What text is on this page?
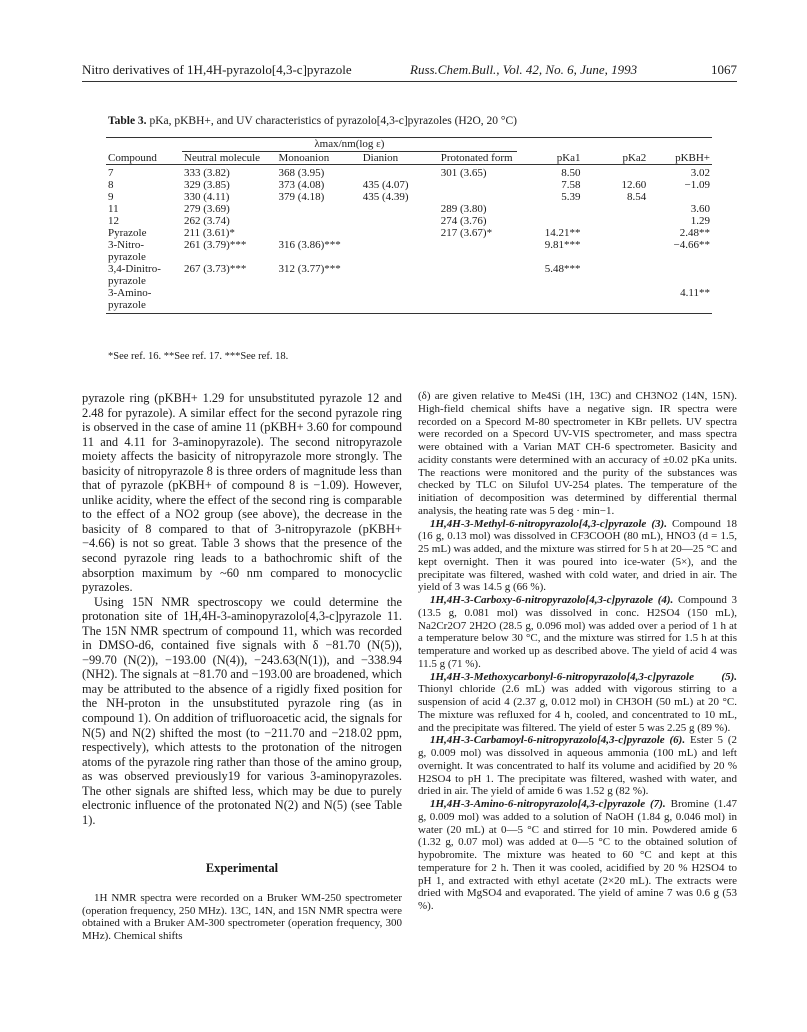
Nitro derivatives of 1H,4H-pyrazolo[4,3-c]pyrazole	Russ.Chem.Bull., Vol. 42, No. 6, June, 1993	1067
Table 3. pKa, pKBH+, and UV characteristics of pyrazolo[4,3-c]pyrazoles (H2O, 20 °C)
	λmax/nm(log ε)						
Compound	Neutral molecule	Monoanion	Dianion	Protonated form	pKa1	pKa2	pKBH+
7	333 (3.82)	368 (3.95)		301 (3.65)	8.50		3.02
8	329 (3.85)	373 (4.08)	435 (4.07)		7.58	12.60	−1.09
9	330 (4.11)	379 (4.18)	435 (4.39)		5.39	8.54	
11	279 (3.69)			289 (3.80)			3.60
12	262 (3.74)			274 (3.76)			1.29
Pyrazole	211 (3.61)*			217 (3.67)*	14.21**		2.48**
3-Nitro- pyrazole	261 (3.79)***	316 (3.86)***			9.81***		−4.66**
3,4-Dinitro- pyrazole	267 (3.73)***	312 (3.77)***			5.48***		
3-Amino- pyrazole							4.11**
*See ref. 16. **See ref. 17. ***See ref. 18.

pyrazole ring (pKBH+ 1.29 for unsubstituted pyrazole 12 and 2.48 for pyrazole). A similar effect for the second pyrazole ring is observed in the case of amine 11 (pKBH+ 3.60 for compound 11 and 4.11 for 3-aminopyrazole). The second nitropyrazole moiety affects the basicity of nitropyrazole more strongly. The basicity of nitropyrazole 8 is three orders of magnitude less than that of pyrazole (pKBH+ of compound 8 is −1.09). However, unlike acidity, where the effect of the second ring is comparable to the effect of a NO2 group (see above), the decrease in the basicity of 8 compared to that of 3-nitropyrazole (pKBH+ −4.66) is not so great. Table 3 shows that the presence of the second pyrazole ring leads to a bathochromic shift of the absorption maximum by ~60 nm compared to monocyclic pyrazoles.

Using 15N NMR spectroscopy we could determine the protonation site of 1H,4H-3-aminopyrazolo[4,3-c]pyrazole 11. The 15N NMR spectrum of compound 11, which was recorded in DMSO-d6, contained five signals with δ −81.70 (N(5)), −99.70 (N(2)), −193.00 (N(4)), −243.63(N(1)), and −338.94 (NH2). The signals at −81.70 and −193.00 are broadened, which may be attributed to the absence of a rigidly fixed position for the NH-proton in the unsubstituted pyrazole ring (as in compound 1). On addition of trifluoroacetic acid, the signals for N(5) and N(2) shifted the most (to −211.70 and −218.02 ppm, respectively), which attests to the protonation of the nitrogen atoms of the pyrazole ring rather than those of the amino group, as was observed previously19 for various 3-aminopyrazoles. The other signals are shifted less, which may be due to purely electronic influence of the protonated N(2) and N(5) (see Table 1).

Experimental

1H NMR spectra were recorded on a Bruker WM-250 spectrometer (operation frequency, 250 MHz). 13C, 14N, and 15N NMR spectra were obtained with a Bruker AM-300 spectrometer (operation frequency, 300 MHz). Chemical shifts

(δ) are given relative to Me4Si (1H, 13C) and CH3NO2 (14N, 15N). High-field chemical shifts have a negative sign. IR spectra were recorded on a Specord M-80 spectrometer in KBr pellets. UV spectra were recorded on a Specord UV-VIS spectrometer, and mass spectra were obtained with a Varian MAT CH-6 spectrometer. Basicity and acidity constants were determined with an accuracy of ±0.02 pKa units. The reactions were monitored and the purity of the substances was checked by TLC on Silufol UV-254 plates. The temperature of the initiation of decomposition was determined by differential thermal analysis, the heating rate was 5 deg · min−1.

1H,4H-3-Methyl-6-nitropyrazolo[4,3-c]pyrazole (3). Compound 18 (16 g, 0.13 mol) was dissolved in CF3COOH (80 mL), HNO3 (d = 1.5, 25 mL) was added, and the mixture was stirred for 5 h at 20—25 °C and kept overnight. Then it was poured into ice-water (5×), and the precipitate was filtered, washed with cold water, and dried in air. The yield of 3 was 14.5 g (66 %).

1H,4H-3-Carboxy-6-nitropyrazolo[4,3-c]pyrazole (4). Compound 3 (13.5 g, 0.081 mol) was dissolved in conc. H2SO4 (150 mL), Na2Cr2O7 2H2O (28.5 g, 0.096 mol) was added over a period of 1 h at a temperature below 30 °C, and the mixture was stirred for 1.5 h at this temperature and worked up as described above. The yield of acid 4 was 11.5 g (71 %).

1H,4H-3-Methoxycarbonyl-6-nitropyrazolo[4,3-c]pyrazole (5). Thionyl chloride (2.6 mL) was added with vigorous stirring to a suspension of acid 4 (2.37 g, 0.012 mol) in CH3OH (50 mL) at 20 °C. The mixture was refluxed for 4 h, cooled, and concentrated to 10 mL, and the precipitate was filtered. The yield of ester 5 was 2.25 g (89 %).

1H,4H-3-Carbamoyl-6-nitropyrazolo[4,3-c]pyrazole (6). Ester 5 (2 g, 0.009 mol) was dissolved in aqueous ammonia (100 mL) and left overnight. It was concentrated to half its volume and acidified by 20 % H2SO4 to pH 1. The precipitate was filtered, washed with water, and dried in air. The yield of amide 6 was 1.52 g (82 %).

1H,4H-3-Amino-6-nitropyrazolo[4,3-c]pyrazole (7). Bromine (1.47 g, 0.009 mol) was added to a solution of NaOH (1.84 g, 0.046 mol) in water (20 mL) at 0—5 °C and stirred for 10 min. Powdered amide 6 (1.32 g, 0.07 mol) was added at 0—5 °C to the obtained solution of hypobromite. The mixture was heated to 60 °C and kept at this temperature for 2 h. Then it was cooled, acidified by 20 % H2SO4 to pH 1, and extracted with ethyl acetate (2×20 mL). The extracts were dried with MgSO4 and evaporated. The yield of amine 7 was 0.6 g (53 %).
